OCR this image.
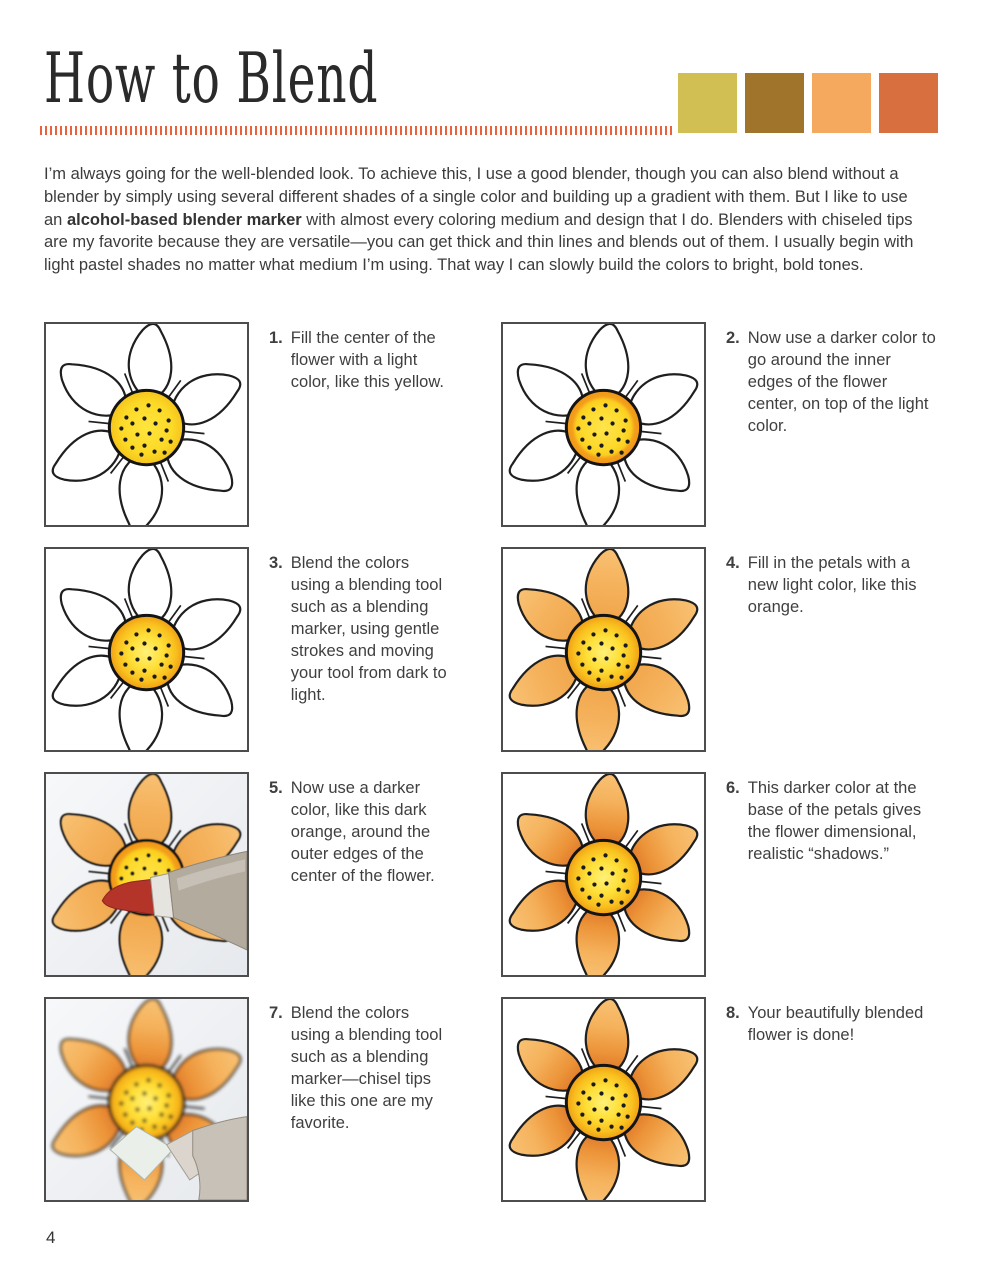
How to Blend

I’m always going for the well-blended look. To achieve this, I use a good blender, though you can also blend without a blender by simply using several different shades of a single color and building up a gradient with them. But I like to use an alcohol-based blender marker with almost every coloring medium and design that I do. Blenders with chiseled tips are my favorite because they are versatile—you can get thick and thin lines and blends out of them. I usually begin with light pastel shades no matter what medium I’m using. That way I can slowly build the colors to bright, bold tones.

1. Fill the center of the flower with a light color, like this yellow.
2. Now use a darker color to go around the inner edges of the flower center, on top of the light color.
3. Blend the colors using a blending tool such as a blending marker, using gentle strokes and moving your tool from dark to light.
4. Fill in the petals with a new light color, like this orange.
5. Now use a darker color, like this dark orange, around the outer edges of the center of the flower.
6. This darker color at the base of the petals gives the flower dimensional, realistic “shadows.”
7. Blend the colors using a blending tool such as a blending marker—chisel tips like this one are my favorite.
8. Your beautifully blended flower is done!
4
